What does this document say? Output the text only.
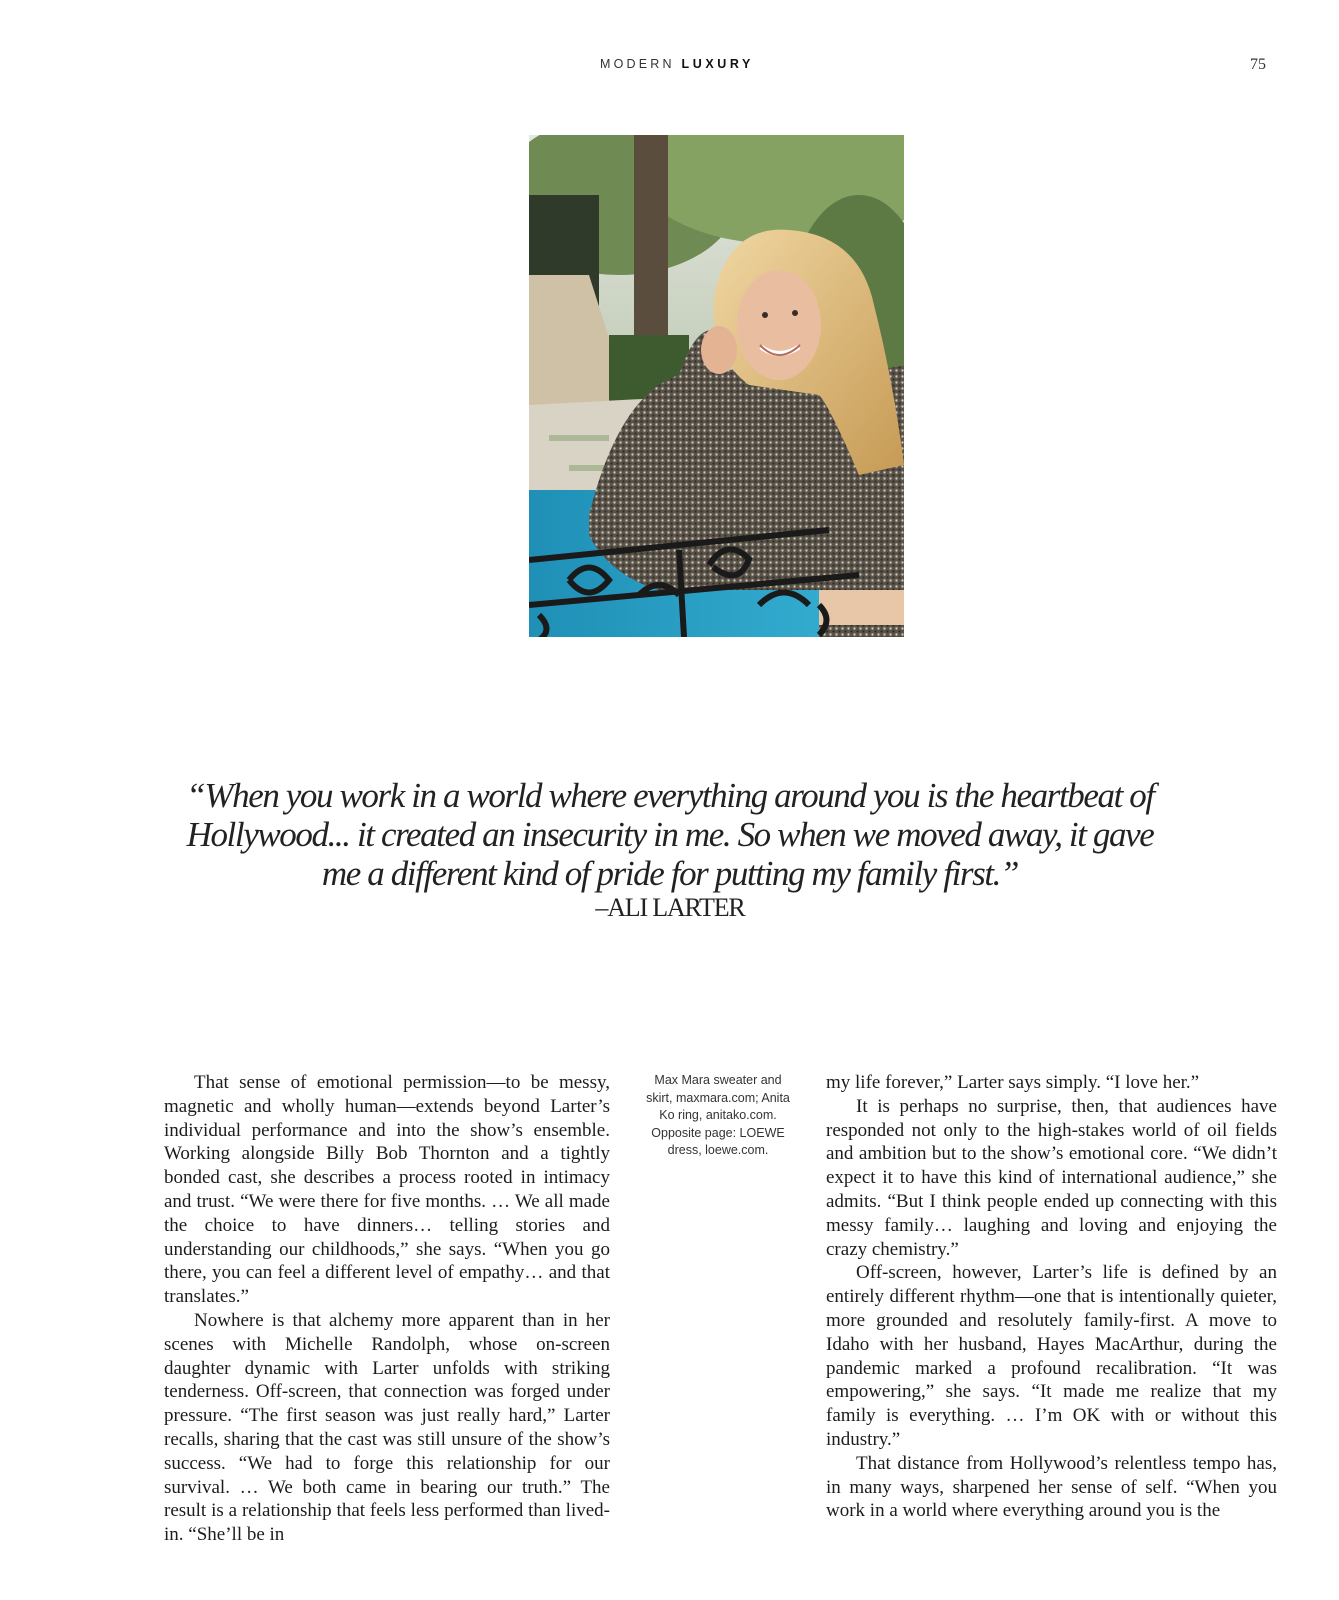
MODERN LUXURY	75
“When you work in a world where everything around you is the heartbeat of Hollywood... it created an insecurity in me. So when we moved away, it gave me a different kind of pride for putting my family first.”
–ALI LARTER

That sense of emotional permission—to be messy, magnetic and wholly human—extends beyond Larter’s individual performance and into the show’s ensemble. Working alongside Billy Bob Thornton and a tightly bonded cast, she describes a process rooted in intimacy and trust. “We were there for five months. … We all made the choice to have dinners… telling stories and understanding our childhoods,” she says. “When you go there, you can feel a different level of empathy… and that translates.”

Nowhere is that alchemy more apparent than in her scenes with Michelle Randolph, whose on-screen daughter dynamic with Larter unfolds with striking tenderness. Off-screen, that connection was forged under pressure. “The first season was just really hard,” Larter recalls, sharing that the cast was still unsure of the show’s success. “We had to forge this relationship for our survival. … We both came in bearing our truth.” The result is a relationship that feels less performed than lived-in. “She’ll be in

Max Mara sweater and skirt, maxmara.com; Anita Ko ring, anitako.com. Opposite page: LOEWE dress, loewe.com.

my life forever,” Larter says simply. “I love her.”

It is perhaps no surprise, then, that audiences have responded not only to the high-stakes world of oil fields and ambition but to the show’s emotional core. “We didn’t expect it to have this kind of international audience,” she admits. “But I think people ended up connecting with this messy family… laughing and loving and enjoying the crazy chemistry.”

Off-screen, however, Larter’s life is defined by an entirely different rhythm—one that is intentionally quieter, more grounded and resolutely family-first. A move to Idaho with her husband, Hayes MacArthur, during the pandemic marked a profound recalibration. “It was empowering,” she says. “It made me realize that my family is everything. … I’m OK with or without this industry.”

That distance from Hollywood’s relentless tempo has, in many ways, sharpened her sense of self. “When you work in a world where everything around you is the
